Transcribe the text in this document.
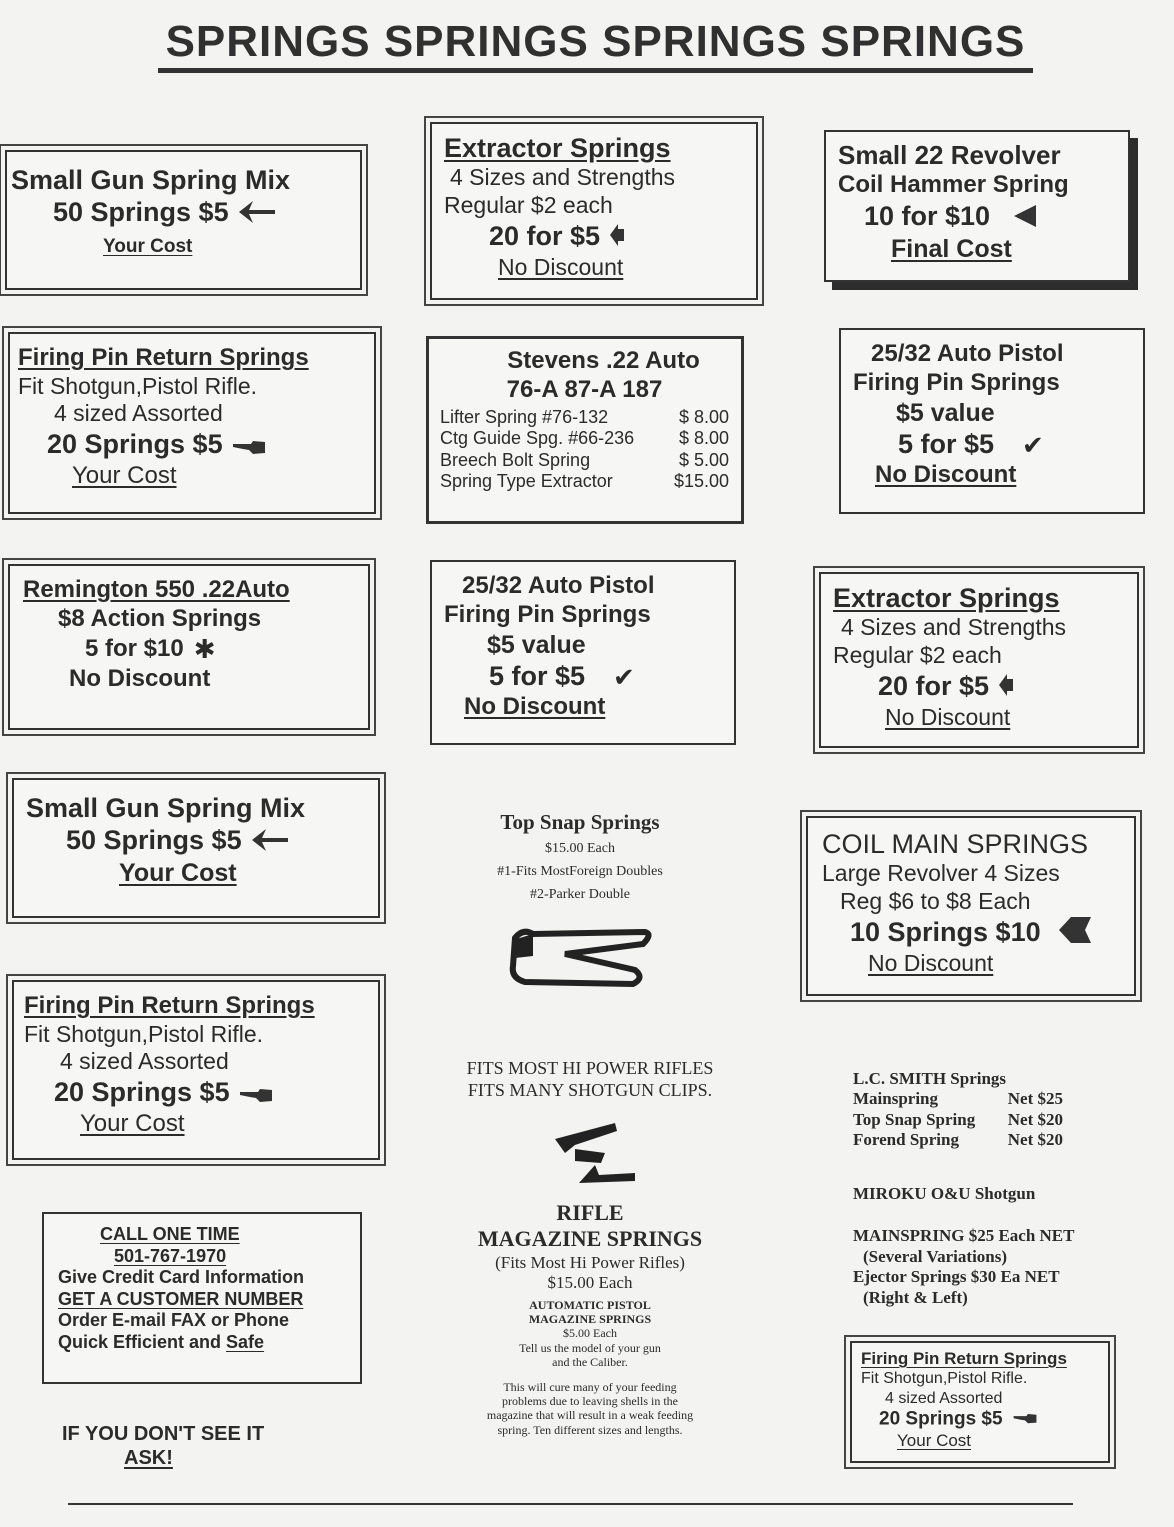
SPRINGS SPRINGS SPRINGS SPRINGS
Small Gun Spring Mix
50 Springs $5
Your Cost
Extractor Springs
4 Sizes and Strengths
Regular $2 each
20 for $5
No Discount
Small 22 Revolver
Coil Hammer Spring
10 for $10
Final Cost
Firing Pin Return Springs
Fit Shotgun,Pistol Rifle.
4 sized Assorted
20 Springs $5
Your Cost
Stevens .22 Auto
76-A 87-A 187
Lifter Spring #76-132	$ 8.00
Ctg Guide Spg. #66-236 $ 8.00
Breech Bolt Spring	$ 5.00
Spring Type Extractor	$15.00
25/32 Auto Pistol
Firing Pin Springs
$5 value
5 for $5 ✔
No Discount
Remington 550 .22Auto
$8 Action Springs
5 for $10 ✱
No Discount
25/32 Auto Pistol
Firing Pin Springs
$5 value
5 for $5 ✔
No Discount
Extractor Springs
4 Sizes and Strengths
Regular $2 each
20 for $5
No Discount
Small Gun Spring Mix
50 Springs $5
Your Cost
Top Snap Springs
$15.00 Each
#1-Fits MostForeign Doubles
#2-Parker Double
COIL MAIN SPRINGS
Large Revolver 4 Sizes
Reg $6 to $8 Each
10 Springs $10
No Discount
Firing Pin Return Springs
Fit Shotgun,Pistol Rifle.
4 sized Assorted
20 Springs $5
Your Cost
FITS MOST HI POWER RIFLES
FITS MANY SHOTGUN CLIPS.
RIFLE
MAGAZINE SPRINGS
(Fits Most Hi Power Rifles)
$15.00 Each
AUTOMATIC PISTOL
MAGAZINE SPRINGS
$5.00 Each
Tell us the model of your gun
and the Caliber.
This will cure many of your feeding
problems due to leaving shells in the
magazine that will result in a weak feeding
spring. Ten different sizes and lengths.
L.C. SMITH Springs
Mainspring	Net $25
Top Snap Spring Net $20
Forend Spring	Net $20
MIROKU O&U Shotgun
MAINSPRING $25 Each NET
(Several Variations)
Ejector Springs $30 Ea NET
(Right & Left)
CALL ONE TIME
501-767-1970
Give Credit Card Information
GET A CUSTOMER NUMBER
Order E-mail FAX or Phone
Quick Efficient and Safe
IF YOU DON'T SEE IT
ASK!
Firing Pin Return Springs
Fit Shotgun,Pistol Rifle.
4 sized Assorted
20 Springs $5
Your Cost
